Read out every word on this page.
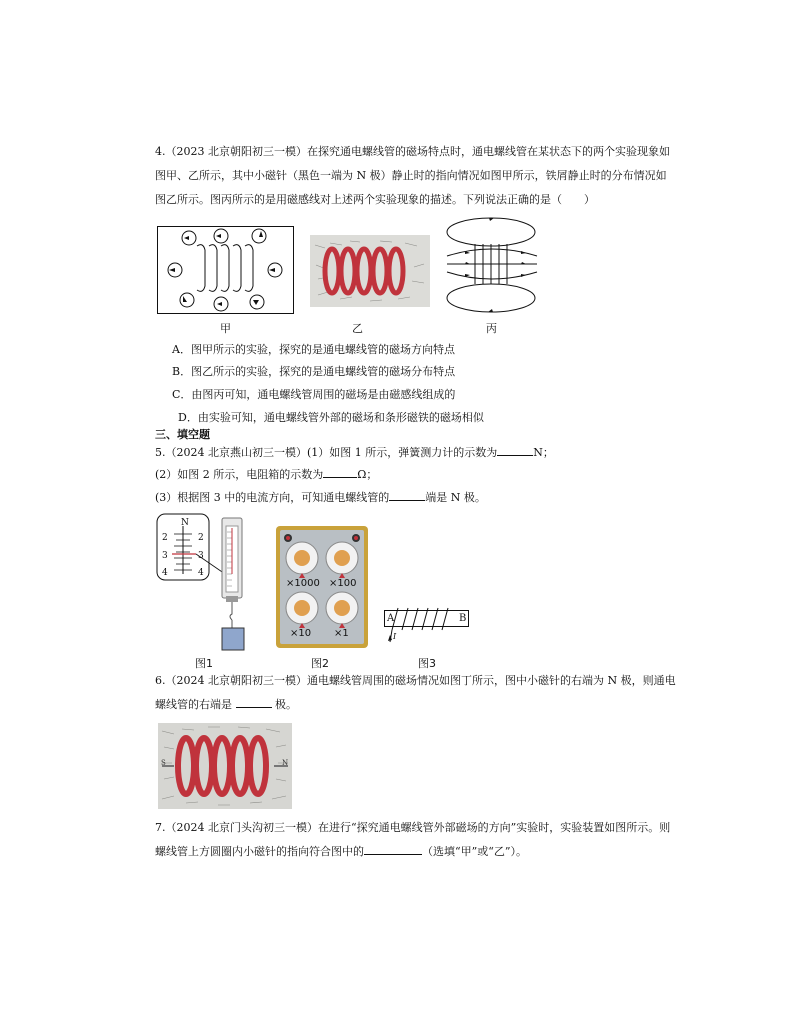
4.（2023 北京朝阳初三一模）在探究通电螺线管的磁场特点时，通电螺线管在某状态下的两个实验现象如
图甲、乙所示，其中小磁针（黑色一端为 N 极）静止时的指向情况如图甲所示，铁屑静止时的分布情况如
图乙所示。图丙所示的是用磁感线对上述两个实验现象的描述。下列说法正确的是（　　）
甲	乙	丙
A．图甲所示的实验，探究的是通电螺线管的磁场方向特点
B．图乙所示的实验，探究的是通电螺线管的磁场分布特点
C．由图丙可知，通电螺线管周围的磁场是由磁感线组成的
D．由实验可知，通电螺线管外部的磁场和条形磁铁的磁场相似
三、填空题
5.（2024 北京燕山初三一模）(1）如图 1 所示，弹簧测力计的示数为	N；
(2）如图 2 所示，电阻箱的示数为	Ω；
(3）根据图 3 中的电流方向，可知通电螺线管的	端是 N 极。
N
2	2
3	3
4	4
图1
×1000 ×100
×10 ×1
图2
A	B
I
图3
6.（2024 北京朝阳初三一模）通电螺线管周围的磁场情况如图丁所示，图中小磁针的右端为 N 极，则通电
螺线管的右端是	极。
S	N
7.（2024 北京门头沟初三一模）在进行“探究通电螺线管外部磁场的方向”实验时，实验装置如图所示。则
螺线管上方圆圈内小磁针的指向符合图中的	（选填“甲”或“乙”）。
